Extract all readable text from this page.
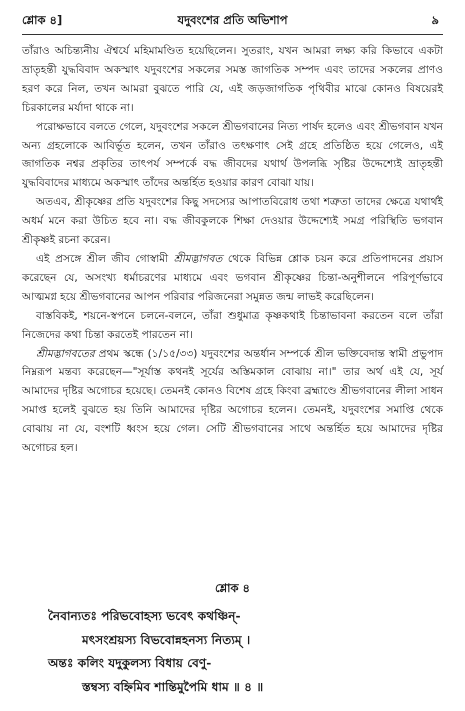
শ্লোক ৪]	যদুবংশের প্রতি অভিশাপ	৯

তাঁরাও অচিন্ত্যনীয় ঐশ্বর্যে মহিমামণ্ডিত হয়েছিলেন। সুতরাং, যখন আমরা লক্ষ্য করি কিভাবে একটা ভ্রাতৃহন্তী যুদ্ধবিবাদ অকস্মাৎ যদুবংশের সকলের সমস্ত জাগতিক সম্পদ এবং তাদের সকলের প্রাণও হরণ করে নিল, তখন আমরা বুঝতে পারি যে, এই জড়জাগতিক পৃথিবীর মাঝে কোনও বিষয়েরই চিরকালের মর্যাদা থাকে না।

পরোক্ষভাবে বলতে গেলে, যদুবংশের সকলে শ্রীভগবানের নিত্য পার্ষদ হলেও এবং শ্রীভগবান যখন অন্য গ্রহলোকে আবির্ভূত হলেন, তখন তাঁরাও তৎক্ষণাৎ সেই গ্রহে প্রতিষ্ঠিত হয়ে গেলেও, এই জাগতিক নশ্বর প্রকৃতির তাৎপর্য সম্পর্কে বদ্ধ জীবদের যথার্থ উপলব্ধি সৃষ্টির উদ্দেশ্যেই ভ্রাতৃহন্তী যুদ্ধবিবাদের মাধ্যমে অকস্মাৎ তাঁদের অন্তর্হিত হওয়ার কারণ বোঝা যায়।

অতএব, শ্রীকৃষ্ণের প্রতি যদুবংশের কিছু সদস্যের আপাতবিরোধ তথা শত্রুতা তাদের ক্ষেত্রে যথার্থই অধর্ম মনে করা উচিত হবে না। বদ্ধ জীবকুলকে শিক্ষা দেওয়ার উদ্দেশ্যেই সমগ্র পরিস্থিতি ভগবান শ্রীকৃষ্ণই রচনা করেন।

এই প্রসঙ্গে শ্রীল জীব গোস্বামী শ্রীমদ্ভাগবত থেকে বিভিন্ন শ্লোক চয়ন করে প্রতিপাদনের প্রয়াস করেছেন যে, অসংখ্য ধর্মাচরণের মাধ্যমে এবং ভগবান শ্রীকৃষ্ণের চিন্তা-অনুশীলনে পরিপূর্ণভাবে আত্মমগ্ন হয়ে শ্রীভগবানের আপন পরিবার পরিজনেরা সমুন্নত জন্ম লাভই করেছিলেন।

বাস্তবিকই, শয়নে-স্বপনে চলনে-বলনে, তাঁরা শুধুমাত্র কৃষ্ণকথাই চিন্তাভাবনা করতেন বলে তাঁরা নিজেদের কথা চিন্তা করতেই পারতেন না।

শ্রীমদ্ভাগবতের প্রথম স্কন্ধে (১/১৫/৩৩) যদুবংশের অন্তর্ধান সম্পর্কে শ্রীল ভক্তিবেদান্ত স্বামী প্রভুপাদ নিম্নরূপ মন্তব্য করেছেন—"সূর্যাস্ত কথনই সূর্যের অস্তিমকাল বোঝায় না।" তার অর্থ এই যে, সূর্য আমাদের দৃষ্টির অগোচর হয়েছে। তেমনই কোনও বিশেষ গ্রহে কিংবা ব্রহ্মাণ্ডে শ্রীভগবানের লীলা সাধন সমাপ্ত হলেই বুঝতে হয় তিনি আমাদের দৃষ্টির অগোচর হলেন। তেমনই, যদুবংশের সমাপ্তি থেকে বোঝায় না যে, বংশটি ধ্বংস হয়ে গেল। সেটি শ্রীভগবানের সাথে অন্তর্হিত হয়ে আমাদের দৃষ্টির অগোচর হল।

শ্লোক ৪
নৈবান্যতঃ পরিভবোহস্য ভবেৎ কথঞ্চিন্-
মৎসংশ্রয়স্য বিভবোন্নহনস্য নিত্যম্ ।
অন্তঃ কলিং যদুকুলস্য বিধায় বেণু-
স্তম্বস্য বহ্নিমিব শান্তিমুপৈমি ধাম ॥ ৪ ॥
